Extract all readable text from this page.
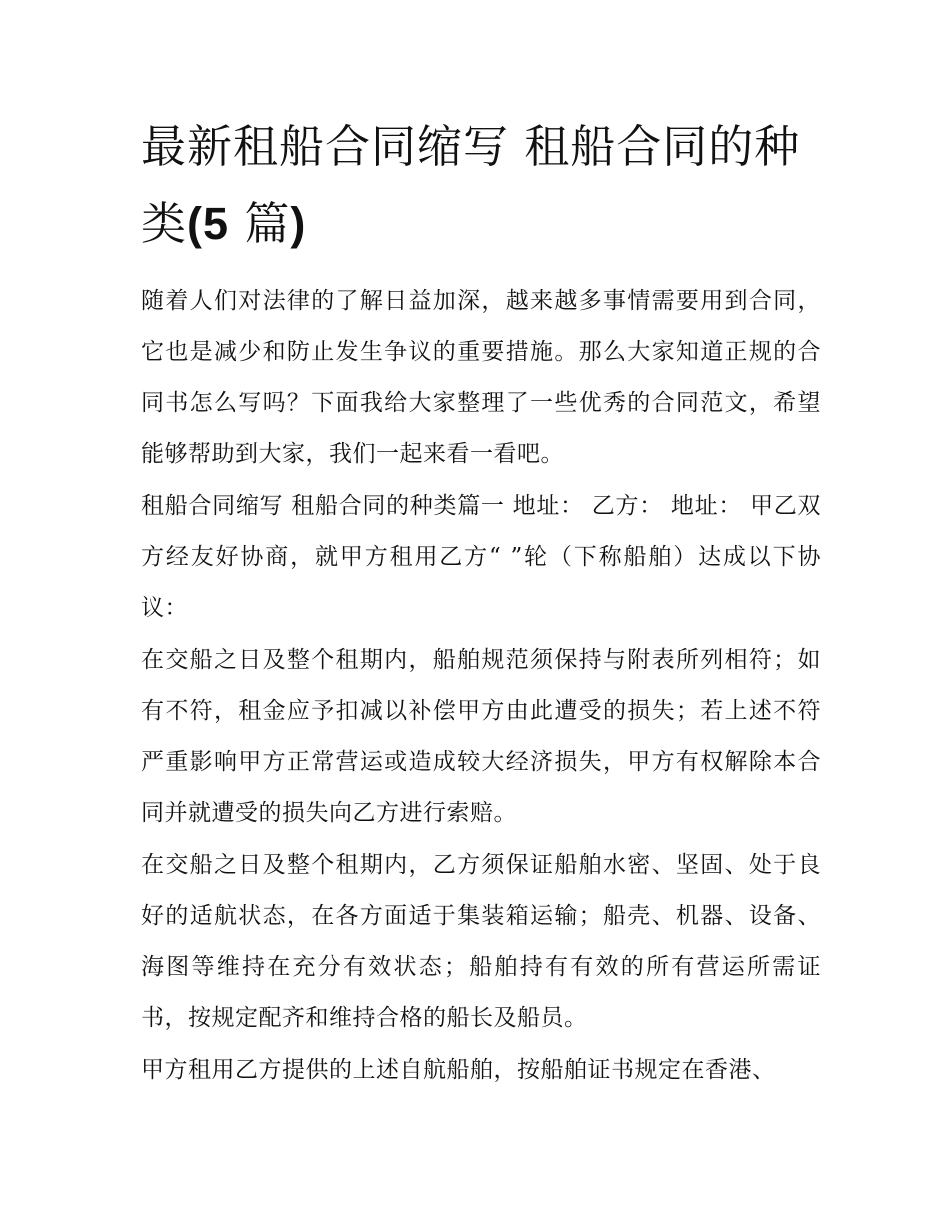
最新租船合同缩写 租船合同的种类(5 篇)

随着人们对法律的了解日益加深，越来越多事情需要用到合同，它也是减少和防止发生争议的重要措施。那么大家知道正规的合同书怎么写吗？下面我给大家整理了一些优秀的合同范文，希望能够帮助到大家，我们一起来看一看吧。

租船合同缩写 租船合同的种类篇一 地址： 乙方： 地址： 甲乙双方经友好协商，就甲方租用乙方“ ”轮（下称船舶）达成以下协议：

在交船之日及整个租期内，船舶规范须保持与附表所列相符；如有不符，租金应予扣减以补偿甲方由此遭受的损失；若上述不符严重影响甲方正常营运或造成较大经济损失，甲方有权解除本合同并就遭受的损失向乙方进行索赔。

在交船之日及整个租期内，乙方须保证船舶水密、坚固、处于良好的适航状态，在各方面适于集装箱运输；船壳、机器、设备、海图等维持在充分有效状态；船舶持有有效的所有营运所需证书，按规定配齐和维持合格的船长及船员。

甲方租用乙方提供的上述自航船舶，按船舶证书规定在香港、
